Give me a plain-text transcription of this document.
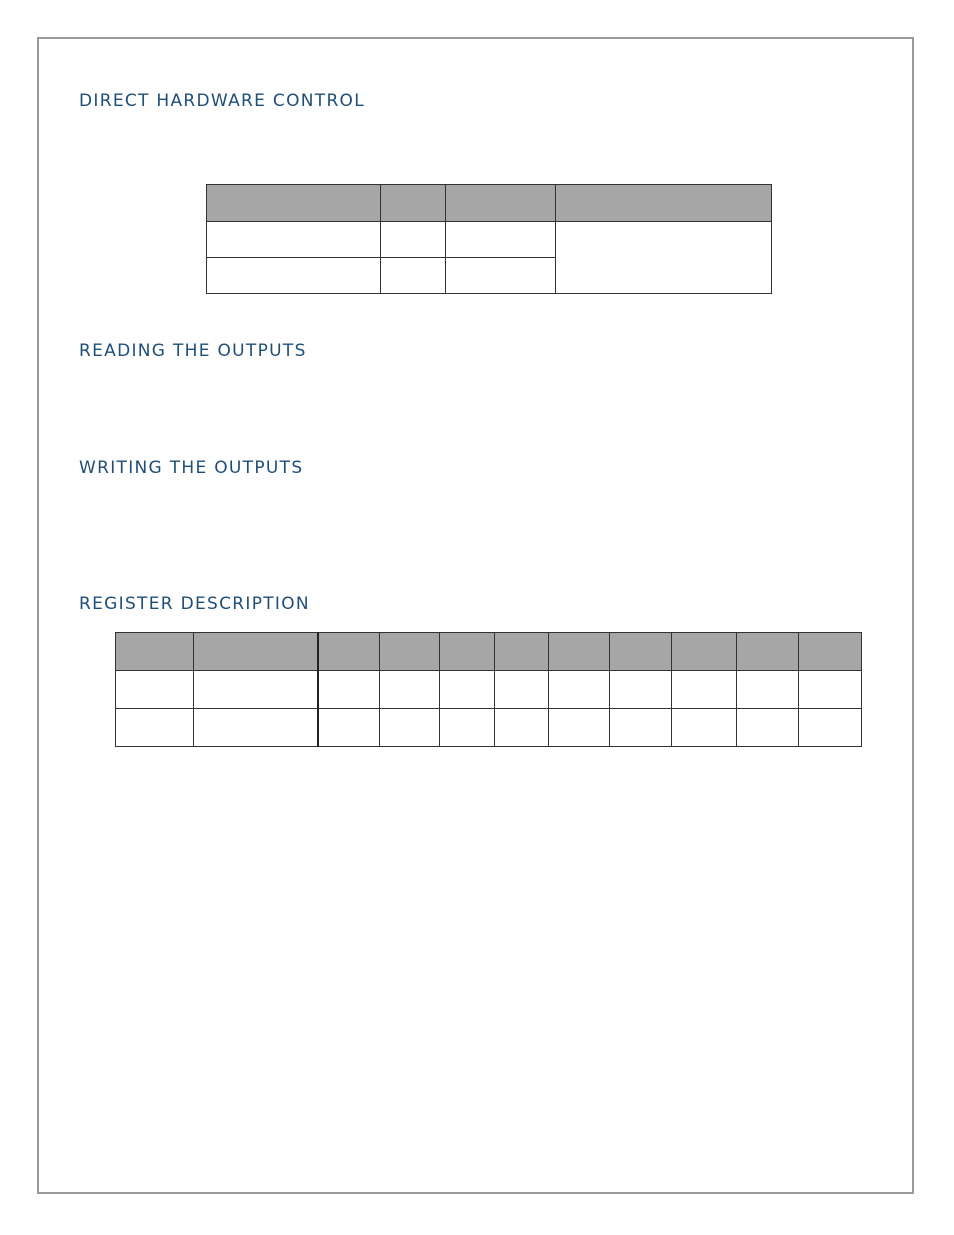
DIRECT HARDWARE CONTROL

READING THE OUTPUTS
WRITING THE OUTPUTS
REGISTER DESCRIPTION
